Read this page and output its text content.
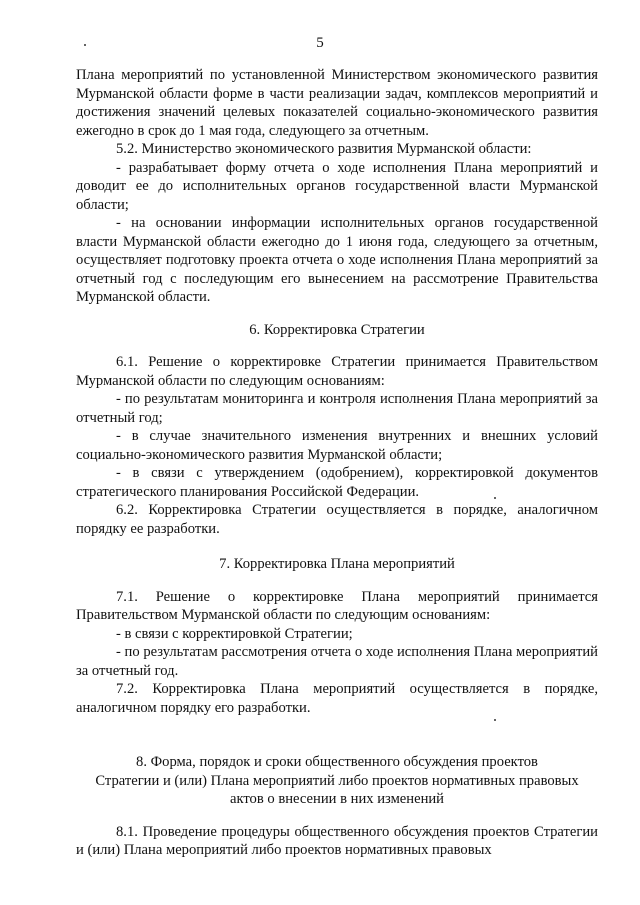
5

Плана мероприятий по установленной Министерством экономического развития Мурманской области форме в части реализации задач, комплексов мероприятий и достижения значений целевых показателей социально-экономического развития ежегодно в срок до 1 мая года, следующего за отчетным.

5.2. Министерство экономического развития Мурманской области:

- разрабатывает форму отчета о ходе исполнения Плана мероприятий и доводит ее до исполнительных органов государственной власти Мурманской области;

- на основании информации исполнительных органов государственной власти Мурманской области ежегодно до 1 июня года, следующего за отчетным, осуществляет подготовку проекта отчета о ходе исполнения Плана мероприятий за отчетный год с последующим его вынесением на рассмотрение Правительства Мурманской области.

6. Корректировка Стратегии

6.1. Решение о корректировке Стратегии принимается Правительством Мурманской области по следующим основаниям:

- по результатам мониторинга и контроля исполнения Плана мероприятий за отчетный год;

- в случае значительного изменения внутренних и внешних условий социально-экономического развития Мурманской области;

- в связи с утверждением (одобрением), корректировкой документов стратегического планирования Российской Федерации.

6.2. Корректировка Стратегии осуществляется в порядке, аналогичном порядку ее разработки.

7. Корректировка Плана мероприятий

7.1. Решение о корректировке Плана мероприятий принимается Правительством Мурманской области по следующим основаниям:

- в связи с корректировкой Стратегии;

- по результатам рассмотрения отчета о ходе исполнения Плана мероприятий за отчетный год.

7.2. Корректировка Плана мероприятий осуществляется в порядке, аналогичном порядку его разработки.

8. Форма, порядок и сроки общественного обсуждения проектов

Стратегии и (или) Плана мероприятий либо проектов нормативных правовых

актов о внесении в них изменений

8.1. Проведение процедуры общественного обсуждения проектов Стратегии и (или) Плана мероприятий либо проектов нормативных правовых
